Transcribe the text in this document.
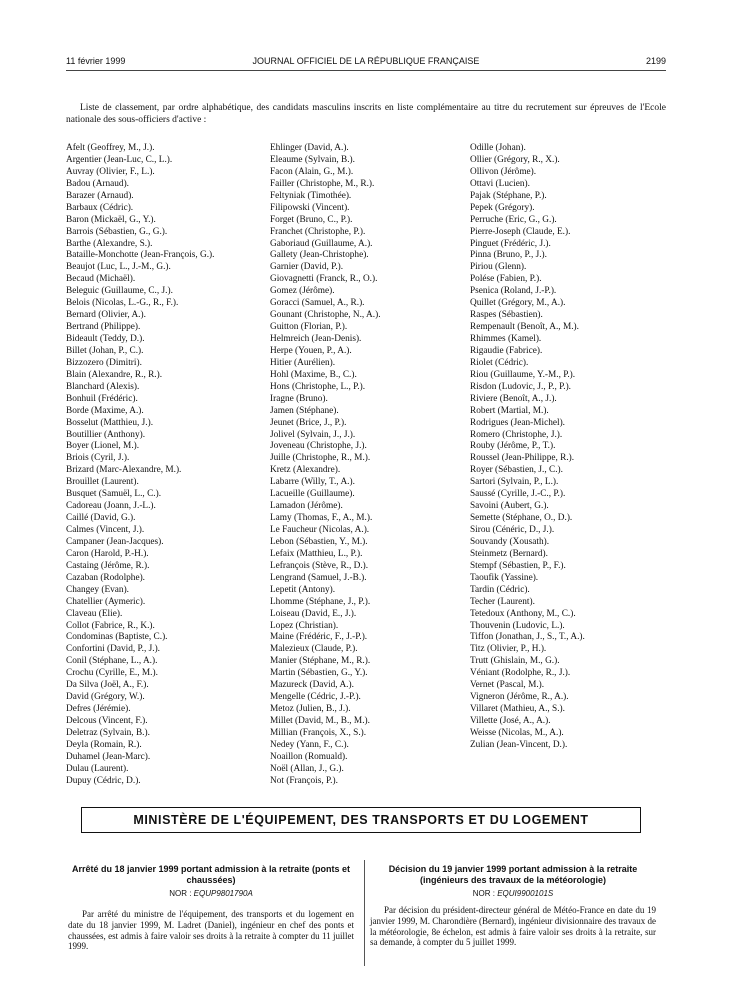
11 février 1999	JOURNAL OFFICIEL DE LA RÉPUBLIQUE FRANÇAISE	2199

Liste de classement, par ordre alphabétique, des candidats masculins inscrits en liste complémentaire au titre du recrutement sur épreuves de l'Ecole nationale des sous-officiers d'active :

Afelt (Geoffrey, M., J.).
Argentier (Jean-Luc, C., L.).
Auvray (Olivier, F., L.).
Badou (Arnaud).
Barazer (Arnaud).
Barbaux (Cédric).
Baron (Mickaël, G., Y.).
Barrois (Sébastien, G., G.).
Barthe (Alexandre, S.).
Bataille-Monchotte (Jean-François, G.).
Beaujot (Luc, L., J.-M., G.).
Becaud (Michaël).
Beleguic (Guillaume, C., J.).
Belois (Nicolas, L.-G., R., F.).
Bernard (Olivier, A.).
Bertrand (Philippe).
Bideault (Teddy, D.).
Billet (Johan, P., C.).
Bizzozero (Dimitri).
Blain (Alexandre, R., R.).
Blanchard (Alexis).
Bonhuil (Frédéric).
Borde (Maxime, A.).
Bosselut (Matthieu, J.).
Boutillier (Anthony).
Boyer (Lionel, M.).
Briois (Cyril, J.).
Brizard (Marc-Alexandre, M.).
Brouillet (Laurent).
Busquet (Samuël, L., C.).
Cadoreau (Joann, J.-L.).
Caillé (David, G.).
Calmes (Vincent, J.).
Campaner (Jean-Jacques).
Caron (Harold, P.-H.).
Castaing (Jérôme, R.).
Cazaban (Rodolphe).
Changey (Evan).
Chatellier (Aymeric).
Claveau (Elie).
Collot (Fabrice, R., K.).
Condominas (Baptiste, C.).
Confortini (David, P., J.).
Conil (Stéphane, L., A.).
Crochu (Cyrille, E., M.).
Da Silva (Joël, A., F.).
David (Grégory, W.).
Defres (Jérémie).
Delcous (Vincent, F.).
Deletraz (Sylvain, B.).
Deyla (Romain, R.).
Duhamel (Jean-Marc).
Dulau (Laurent).
Dupuy (Cédric, D.).
Ehlinger (David, A.).
Eleaume (Sylvain, B.).
Facon (Alain, G., M.).
Failler (Christophe, M., R.).
Feltyniak (Timothée).
Filipowski (Vincent).
Forget (Bruno, C., P.).
Franchet (Christophe, P.).
Gaboriaud (Guillaume, A.).
Gallety (Jean-Christophe).
Garnier (David, P.).
Giovagnetti (Franck, R., O.).
Gomez (Jérôme).
Goracci (Samuel, A., R.).
Gounant (Christophe, N., A.).
Guitton (Florian, P.).
Helmreich (Jean-Denis).
Herpe (Youen, P., A.).
Hitier (Aurélien).
Hohl (Maxime, B., C.).
Hons (Christophe, L., P.).
Iragne (Bruno).
Jamen (Stéphane).
Jeunet (Brice, J., P.).
Jolivel (Sylvain, J., J.).
Joveneau (Christophe, J.).
Juille (Christophe, R., M.).
Kretz (Alexandre).
Labarre (Willy, T., A.).
Lacueille (Guillaume).
Lamadon (Jérôme).
Lamy (Thomas, F., A., M.).
Le Faucheur (Nicolas, A.).
Lebon (Sébastien, Y., M.).
Lefaix (Matthieu, L., P.).
Lefrançois (Stève, R., D.).
Lengrand (Samuel, J.-B.).
Lepetit (Antony).
Lhomme (Stéphane, J., P.).
Loiseau (David, E., J.).
Lopez (Christian).
Maine (Frédéric, F., J.-P.).
Malezieux (Claude, P.).
Manier (Stéphane, M., R.).
Martin (Sébastien, G., Y.).
Mazureck (David, A.).
Mengelle (Cédric, J.-P.).
Metoz (Julien, B., J.).
Millet (David, M., B., M.).
Millian (François, X., S.).
Nedey (Yann, F., C.).
Noaillon (Romuald).
Noël (Allan, J., G.).
Not (François, P.).
Odille (Johan).
Ollier (Grégory, R., X.).
Ollivon (Jérôme).
Ottavi (Lucien).
Pajak (Stéphane, P.).
Pepek (Grégory).
Perruche (Eric, G., G.).
Pierre-Joseph (Claude, E.).
Pinguet (Frédéric, J.).
Pinna (Bruno, P., J.).
Piriou (Glenn).
Polése (Fabien, P.).
Psenica (Roland, J.-P.).
Quillet (Grégory, M., A.).
Raspes (Sébastien).
Rempenault (Benoît, A., M.).
Rhimmes (Kamel).
Rigaudie (Fabrice).
Riolet (Cédric).
Riou (Guillaume, Y.-M., P.).
Risdon (Ludovic, J., P., P.).
Riviere (Benoît, A., J.).
Robert (Martial, M.).
Rodrigues (Jean-Michel).
Romero (Christophe, J.).
Rouby (Jérôme, P., T.).
Roussel (Jean-Philippe, R.).
Royer (Sébastien, J., C.).
Sartori (Sylvain, P., L.).
Saussé (Cyrille, J.-C., P.).
Savoini (Aubert, G.).
Semette (Stéphane, O., D.).
Sirou (Cénéric, D., J.).
Souvandy (Xousath).
Steinmetz (Bernard).
Stempf (Sébastien, P., F.).
Taoufik (Yassine).
Tardin (Cédric).
Techer (Laurent).
Tetedoux (Anthony, M., C.).
Thouvenin (Ludovic, L.).
Tiffon (Jonathan, J., S., T., A.).
Titz (Olivier, P., H.).
Trutt (Ghislain, M., G.).
Véniant (Rodolphe, R., J.).
Vernet (Pascal, M.).
Vigneron (Jérôme, R., A.).
Villaret (Mathieu, A., S.).
Villette (José, A., A.).
Weisse (Nicolas, M., A.).
Zulian (Jean-Vincent, D.).
MINISTÈRE DE L'ÉQUIPEMENT, DES TRANSPORTS ET DU LOGEMENT
Arrêté du 18 janvier 1999 portant admission à la retraite (ponts et chaussées)
NOR : EQUP9801790A
Par arrêté du ministre de l'équipement, des transports et du logement en date du 18 janvier 1999, M. Ladret (Daniel), ingénieur en chef des ponts et chaussées, est admis à faire valoir ses droits à la retraite à compter du 11 juillet 1999.
Décision du 19 janvier 1999 portant admission à la retraite (ingénieurs des travaux de la météorologie)
NOR : EQUI9900101S
Par décision du président-directeur général de Météo-France en date du 19 janvier 1999, M. Charondière (Bernard), ingénieur divisionnaire des travaux de la météorologie, 8e échelon, est admis à faire valoir ses droits à la retraite, sur sa demande, à compter du 5 juillet 1999.
